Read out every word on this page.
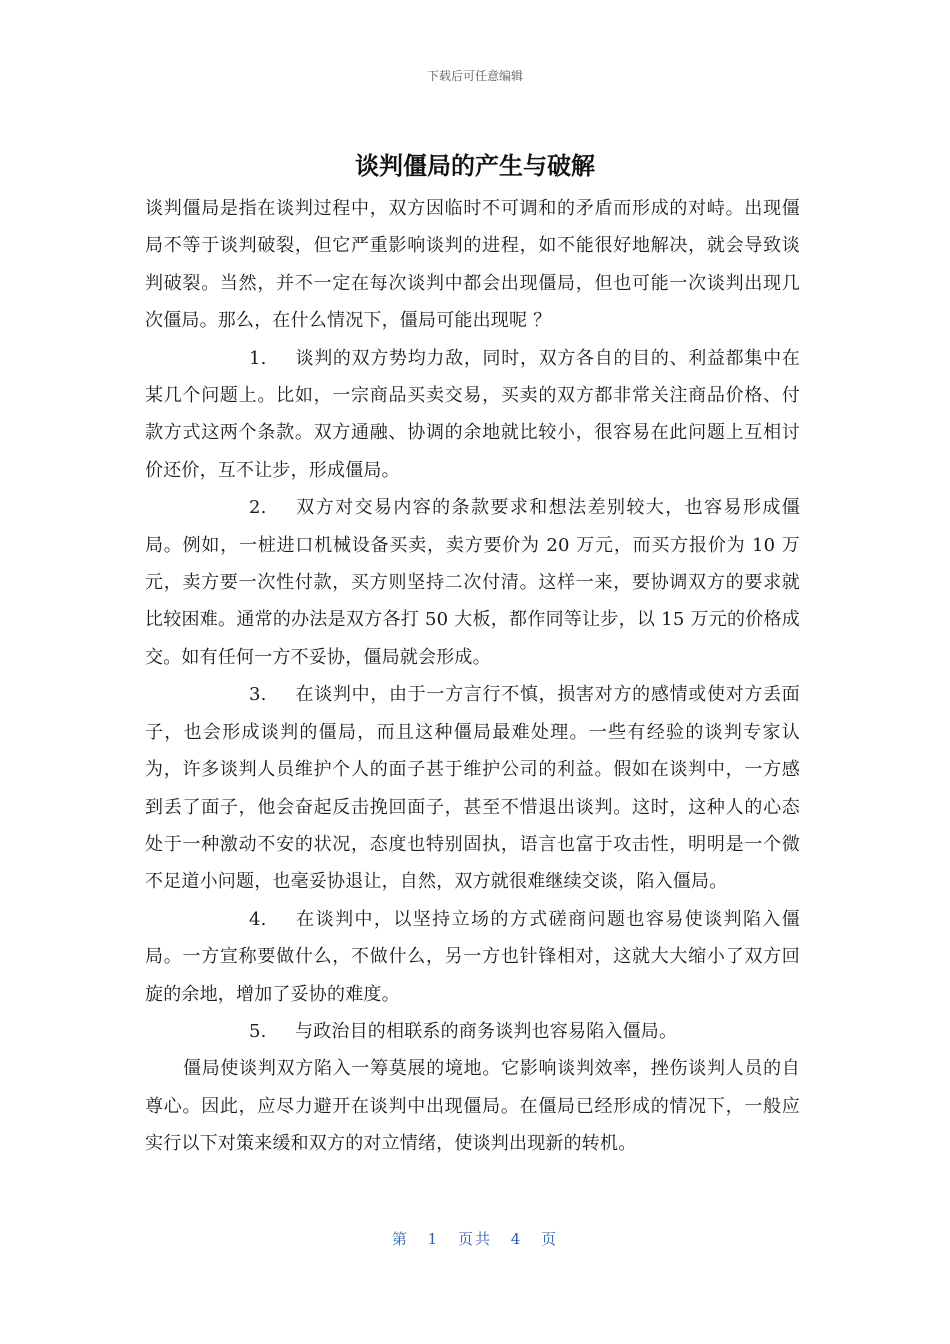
下载后可任意编辑
谈判僵局的产生与破解

谈判僵局是指在谈判过程中，双方因临时不可调和的矛盾而形成的对峙。出现僵局不等于谈判破裂，但它严重影响谈判的进程，如不能很好地解决，就会导致谈判破裂。当然，并不一定在每次谈判中都会出现僵局，但也可能一次谈判出现几次僵局。那么，在什么情况下，僵局可能出现呢 ？

1. 谈判的双方势均力敌，同时，双方各自的目的、利益都集中在某几个问题上。比如，一宗商品买卖交易，买卖的双方都非常关注商品价格、付款方式这两个条款。双方通融、协调的余地就比较小，很容易在此问题上互相讨价还价，互不让步，形成僵局。

2. 双方对交易内容的条款要求和想法差别较大，也容易形成僵局。例如，一桩进口机械设备买卖，卖方要价为 20 万元，而买方报价为 10 万元，卖方要一次性付款，买方则坚持二次付清。这样一来，要协调双方的要求就比较困难。通常的办法是双方各打 50 大板，都作同等让步，以 15 万元的价格成交。如有任何一方不妥协，僵局就会形成。

3. 在谈判中，由于一方言行不慎，损害对方的感情或使对方丢面子，也会形成谈判的僵局，而且这种僵局最难处理。一些有经验的谈判专家认为，许多谈判人员维护个人的面子甚于维护公司的利益。假如在谈判中，一方感到丢了面子，他会奋起反击挽回面子，甚至不惜退出谈判。这时，这种人的心态处于一种激动不安的状况，态度也特别固执，语言也富于攻击性，明明是一个微不足道小问题，也毫妥协退让，自然，双方就很难继续交谈，陷入僵局。

4. 在谈判中，以坚持立场的方式磋商问题也容易使谈判陷入僵局。一方宣称要做什么，不做什么，另一方也针锋相对，这就大大缩小了双方回旋的余地，增加了妥协的难度。

5. 与政治目的相联系的商务谈判也容易陷入僵局。

僵局使谈判双方陷入一筹莫展的境地。它影响谈判效率，挫伤谈判人员的自尊心。因此，应尽力避开在谈判中出现僵局。在僵局已经形成的情况下，一般应实行以下对策来缓和双方的对立情绪，使谈判出现新的转机。

第 1 页共 4 页
